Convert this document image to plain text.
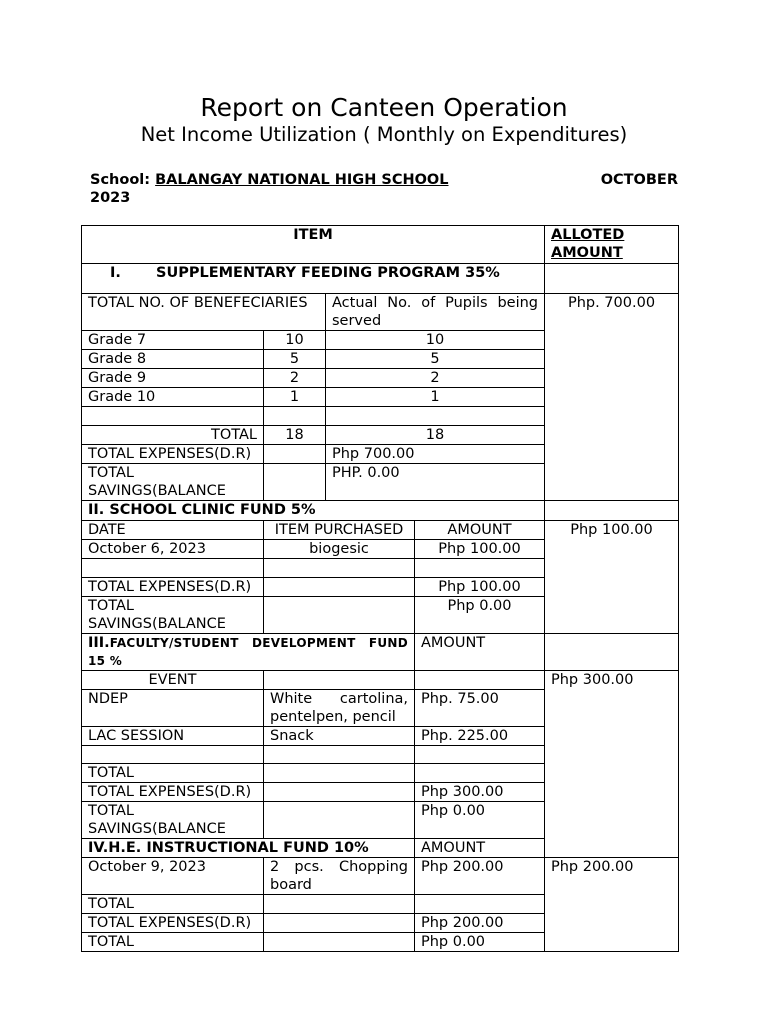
Report on Canteen Operation
Net Income Utilization ( Monthly on Expenditures)
School: BALANGAY NATIONAL HIGH SCHOOL	OCTOBER
2023
ITEM				ALLOTED
AMOUNT	
I. SUPPLEMENTARY FEEDING PROGRAM 35%					
TOTAL NO. OF BENEFECIARIES		Actual No. of Pupils being served		Php. 700.00	
Grade 7	10	10			
Grade 8	5	5			
Grade 9	2	2			
Grade 10	1	1			

TOTAL	18	18			
TOTAL EXPENSES(D.R)		Php 700.00			
TOTAL
SAVINGS(BALANCE		PHP. 0.00			
II. SCHOOL CLINIC FUND 5%					
DATE	ITEM PURCHASED		AMOUNT	Php 100.00	
October 6, 2023	biogesic		Php 100.00		

TOTAL EXPENSES(D.R)			Php 100.00		
TOTAL
SAVINGS(BALANCE			Php 0.00		
III.FACULTY/STUDENT DEVELOPMENT FUND 15 %			AMOUNT		
EVENT				Php 300.00	
NDEP	White cartolina, pentelpen, pencil		Php. 75.00		
LAC SESSION	Snack		Php. 225.00		

TOTAL					
TOTAL EXPENSES(D.R)			Php 300.00		
TOTAL
SAVINGS(BALANCE			Php 0.00		
IV.H.E. INSTRUCTIONAL FUND 10%			AMOUNT		
October 9, 2023	2 pcs. Chopping board		Php 200.00	Php 200.00	
TOTAL					
TOTAL EXPENSES(D.R)			Php 200.00		
TOTAL			Php 0.00		
